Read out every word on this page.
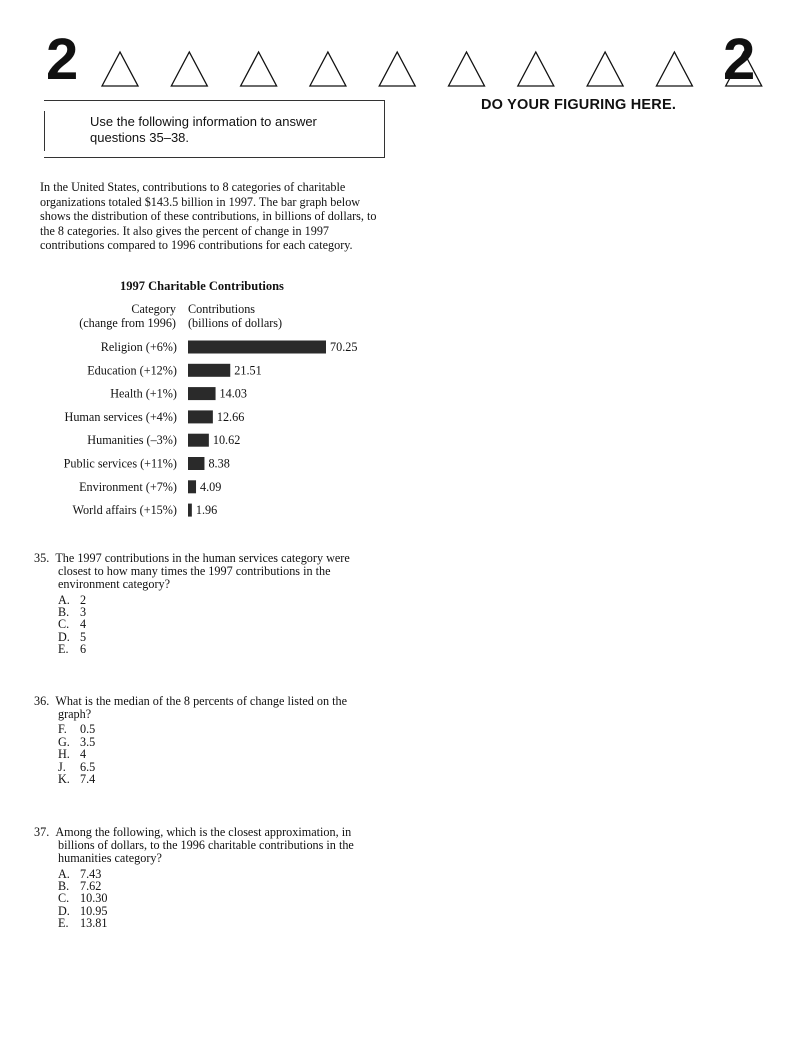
2	2
Use the following information to answer
questions 35–38.
DO YOUR FIGURING HERE.
In the United States, contributions to 8 categories of charitable organizations totaled $143.5 billion in 1997. The bar graph below shows the distribution of these contributions, in billions of dollars, to the 8 categories. It also gives the percent of change in 1997 contributions compared to 1996 contributions for each category.
1997 Charitable Contributions
Category
(change from 1996)
Contributions
(billions of dollars)
Religion (+6%)	70.25
Education (+12%)	21.51
Health (+1%)	14.03
Human services (+4%)	12.66
Humanities (–3%)	10.62
Public services (+11%)	8.38
Environment (+7%) 4.09
World affairs (+15%) 1.96
35. The 1997 contributions in the human services category were closest to how many times the 1997 contributions in the environment category?
A. 2
B. 3
C. 4
D. 5
E. 6
36. What is the median of the 8 percents of change listed on the graph?
F.	0.5
G. 3.5
H. 4
J.	6.5
K. 7.4
37. Among the following, which is the closest approximation, in billions of dollars, to the 1996 charitable contributions in the humanities category?
A. 7.43
B. 7.62
C. 10.30
D. 10.95
E. 13.81
